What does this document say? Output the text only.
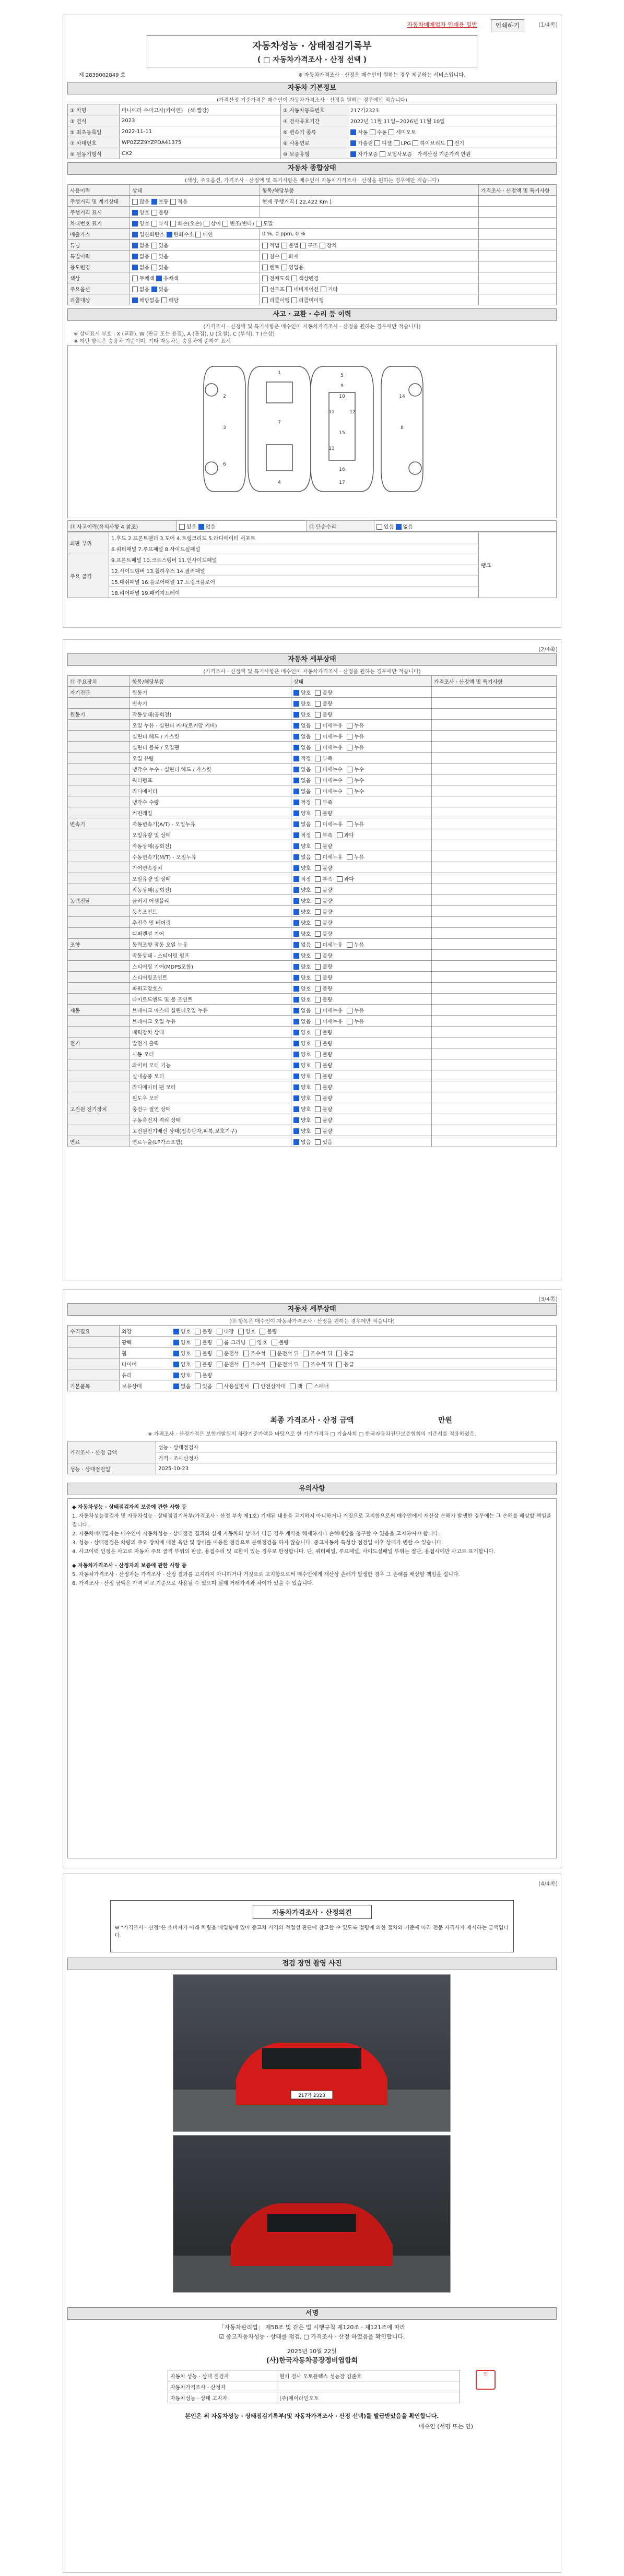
자동차매매업자 인쇄용 일반	인쇄하기	(1/4쪽)
자동차성능 · 상태점검기록부
( □ 자동차가격조사 · 산정 선택 )
제 2839002849 호	※ 자동차가격조사 · 산정은 매수인이 원하는 경우 제공하는 서비스입니다.
자동차 기본정보
(가격산정 기준가격은 매수인이 자동차가격조사 · 산정을 원하는 경우에만 적습니다)
① 차명	마니에라 수마고자(카이엔) (색:빨강)	② 자동차등록번호	217가2323
③ 연식	2023	④ 검사유효기간	2022년 11월 11일~2026년 11월 10일
⑤ 최초등록일	2022-11-11	⑥ 변속기 종류	자동 수동 세미오토
⑦ 차대번호	WP0ZZZ9YZPDA41375	⑧ 사용연료	가솔린 디젤 LPG 하이브리드 전기
⑨ 원동기형식	CX2	⑩ 보증유형	자가보증 보험사보증 가격산정 기준가격 만원
자동차 종합상태
(색상, 주요옵션, 가격조사 · 산정액 및 특기사항은 매수인이 자동차가격조사 · 산정을 원하는 경우에만 적습니다)
사용이력	상태	항목/해당부품	가격조사 · 산정액 및 특기사항
주행거리 및 계기상태	많음 보통 적음	현재 주행거리 [ 22,422 Km ]	
주행거리 표시	양호 불량		
차대번호 표기	양호 부식 훼손(오손) 상이 변조(변타) 도말		
배출가스	일산화탄소 탄화수소 매연	0 %, 0 ppm, 0 %	
튜닝	없음 있음	적법 불법 구조 장치	
특별이력	없음 있음	침수 화재	
용도변경	없음 있음	렌트 영업용	
색상	무채색 유채색	전체도색 색상변경	
주요옵션	없음 있음	선루프 네비게이션 기타	
리콜대상	해당없음 해당	리콜이행 리콜미이행	
사고 · 교환 · 수리 등 이력
(가격조사 · 산정액 및 특기사항은 매수인이 자동차가격조사 · 산정을 원하는 경우에만 적습니다)
※ 상태표시 부호 : X (교환), W (판금 또는 용접), A (흠집), U (요철), C (부식), T (손상)
※ 하단 항목은 승용차 기준이며, 기타 자동차는 승용차에 준하여 표시
1
2
3
4
5
6
7
8
9
10
11	12
13
14
15
16
17
⑪ 사고이력(유의사항 4 참조)	있음 없음	⑫ 단순수리	있음 없음
외판 부위	1.후드 2.프론트펜더 3.도어 4.트렁크리드 5.라디에이터 서포트	랭크
	6.쿼터패널 7.루프패널 8.사이드실패널	
주요 골격	9.프론트패널 10.크로스멤버 11.인사이드패널	
	12.사이드멤버 13.휠하우스 14.필러패널	
	15.대쉬패널 16.플로어패널 17.트렁크플로어	
	18.리어패널 19.패키지트레이	
(2/4쪽)
자동차 세부상태
(가격조사 · 산정액 및 특기사항은 매수인이 자동차가격조사 · 산정을 원하는 경우에만 적습니다)
⑬ 주요장치	항목/해당부품	상태	가격조사 · 산정액 및 특기사항
자기진단	원동기	양호 불량	
	변속기	양호 불량	
원동기	작동상태(공회전)	양호 불량	
	오일 누유 - 실린더 커버(로커암 커버)	없음 미세누유 누유	
	실린더 헤드 / 가스킷	없음 미세누유 누유	
	실린더 블록 / 오일팬	없음 미세누유 누유	
	오일 유량	적정 부족	
	냉각수 누수 - 실린더 헤드 / 가스킷	없음 미세누수 누수	
	워터펌프	없음 미세누수 누수	
	라디에이터	없음 미세누수 누수	
	냉각수 수량	적정 부족	
	커먼레일	양호 불량	
변속기	자동변속기(A/T) - 오일누유	없음 미세누유 누유	
	오일유량 및 상태	적정 부족 과다	
	작동상태(공회전)	양호 불량	
	수동변속기(M/T) - 오일누유	없음 미세누유 누유	
	기어변속장치	양호 불량	
	오일유량 및 상태	적정 부족 과다	
	작동상태(공회전)	양호 불량	
동력전달	클러치 어셈블리	양호 불량	
	등속조인트	양호 불량	
	추진축 및 베어링	양호 불량	
	디퍼렌셜 기어	양호 불량	
조향	동력조향 작동 오일 누유	없음 미세누유 누유	
	작동상태 - 스티어링 펌프	양호 불량	
	스티어링 기어(MDPS포함)	양호 불량	
	스티어링조인트	양호 불량	
	파워고압호스	양호 불량	
	타이로드엔드 및 볼 조인트	양호 불량	
제동	브레이크 마스터 실린더오일 누유	없음 미세누유 누유	
	브레이크 오일 누유	없음 미세누유 누유	
	배력장치 상태	양호 불량	
전기	발전기 출력	양호 불량	
	시동 모터	양호 불량	
	와이퍼 모터 기능	양호 불량	
	실내송풍 모터	양호 불량	
	라디에이터 팬 모터	양호 불량	
	윈도우 모터	양호 불량	
고전원 전기장치	충전구 절연 상태	양호 불량	
	구동축전지 격리 상태	양호 불량	
	고전원전기배선 상태(접속단자,피복,보호기구)	양호 불량	
연료	연료누출(LP가스포함)	없음 있음	
(3/4쪽)
자동차 세부상태
(⑭ 항목은 매수인이 자동차가격조사 · 산정을 원하는 경우에만 적습니다)
수리필요	외장	양호 불량 내장 양호 불량
	광택	양호 불량 룸 크리닝 양호 불량
	휠	양호 불량 운전석 조수석 운전석 뒤 조수석 뒤 응급
	타이어	양호 불량 운전석 조수석 운전석 뒤 조수석 뒤 응급
	유리	양호 불량
기본품목	보유상태	없음 있음 사용설명서 안전삼각대 잭 스패너
최종 가격조사 · 산정 금액	만원
※ 가격조사 · 산정가격은 보험개발원의 차량기준가액을 바탕으로 한 기준가격과 □ 기술사회 □ 한국자동차진단보증협회의 기준서를 적용하였음.
가격조사 · 산정 금액	성능 · 상태점검자
	가격 · 조사산정자
성능 · 상태점검일	2025-10-23
유의사항
◆ 자동차성능 · 상태점검자의 보증에 관한 사항 등
1. 자동차성능점검자 및 자동차성능 · 상태점검기록부(가격조사 · 산정 부속 제1호) 기재된 내용을 고지하지 아니하거나 거짓으로 고지함으로써 매수인에게 재산상 손해가 발생한 경우에는 그 손해를 배상할 책임을 집니다.
2. 자동차매매업자는 매수인이 자동차성능 · 상태점검 결과와 실제 자동차의 상태가 다른 경우 계약을 해제하거나 손해배상을 청구할 수 있음을 고지하여야 합니다.
3. 성능 · 상태점검은 차량의 주요 장치에 대한 육안 및 장비를 이용한 점검으로 분해점검을 하지 않습니다. 중고자동차 특성상 점검일 이후 상태가 변할 수 있습니다.
4. 사고이력 인정은 사고로 자동차 주요 골격 부위의 판금, 용접수리 및 교환이 있는 경우로 한정합니다. 단, 쿼터패널, 루프패널, 사이드실패널 부위는 절단, 용접시에만 사고로 표기합니다.
◆ 자동차가격조사 · 산정자의 보증에 관한 사항 등
5. 자동차가격조사 · 산정자는 가격조사 · 산정 결과를 고지하지 아니하거나 거짓으로 고지함으로써 매수인에게 재산상 손해가 발생한 경우 그 손해를 배상할 책임을 집니다.
6. 가격조사 · 산정 금액은 가격 비교 기준으로 사용될 수 있으며 실제 거래가격과 차이가 있을 수 있습니다.
(4/4쪽)
자동차가격조사 · 산정의견
※ "가격조사 · 산정"은 소비자가 아래 차량을 매입함에 있어 중고차 가격의 적절성 판단에 참고할 수 있도록 법령에 의한 절차와 기준에 따라 전문 자격사가 제시하는 금액입니다.
점검 장면 촬영 사진
217가 2323
서명
「자동차관리법」 제58조 및 같은 법 시행규칙 제120조 · 제121조에 따라
☑ 중고자동차성능 · 상태를 점검, □ 가격조사 · 산정 하였음을 확인합니다.
2025년 10월 22일
(사)한국자동차공장정비엽합회
자동차 성능 · 상태 점검자	현키 검사 오토플렉스 성능장 김준호
자동차가격조사 · 산정자	
자동차성능 · 상태 고지자	(주)에어라인오토
인
본인은 위 자동차성능 · 상태점검기록부(및 자동차가격조사 · 산정 선택)를 발급받았음을 확인합니다.
매수인 (서명 또는 인)
